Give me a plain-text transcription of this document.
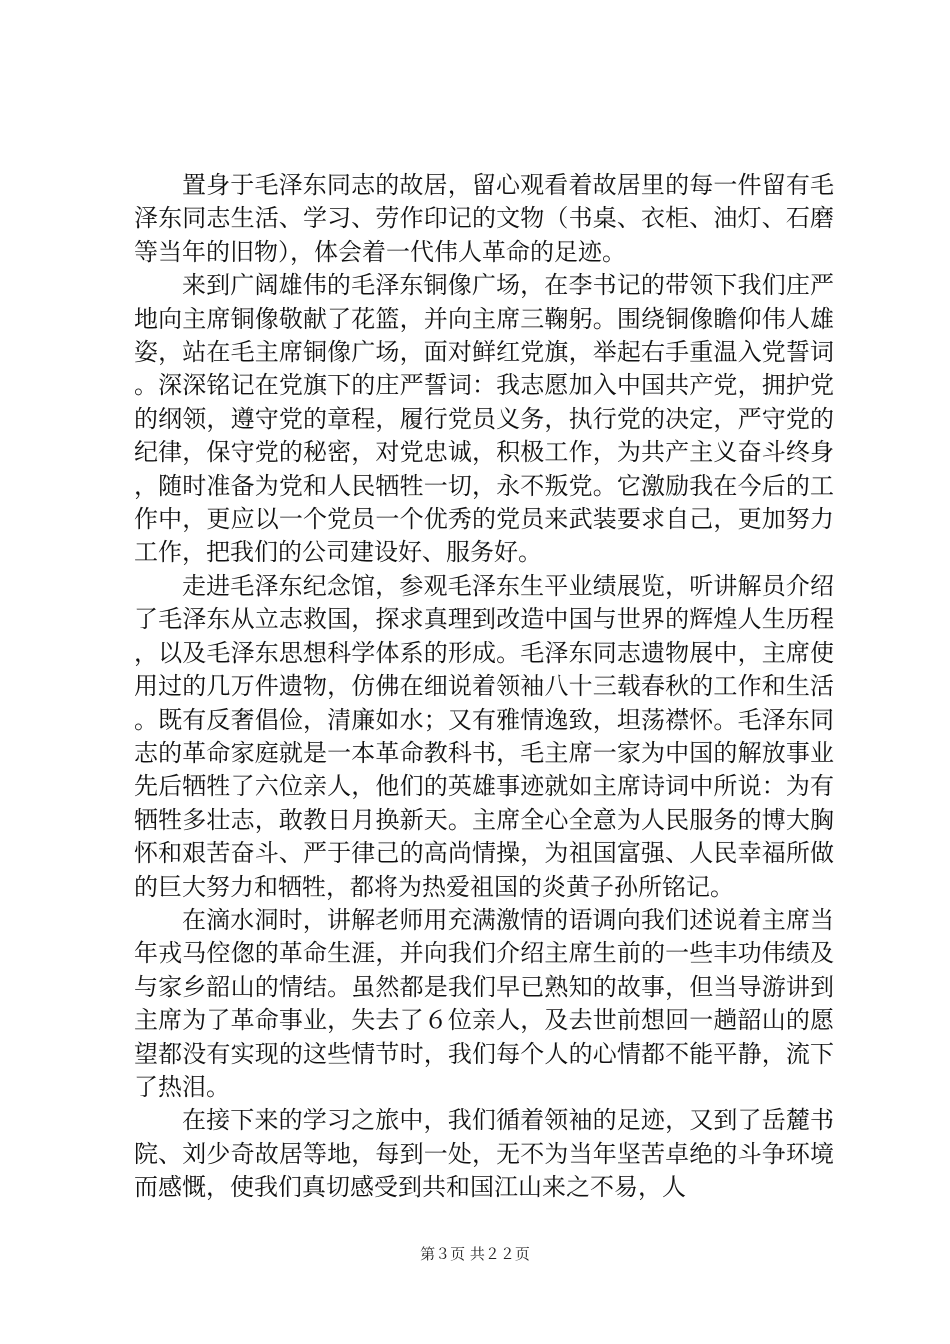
置身于毛泽东同志的故居，留心观看着故居里的每一件留有毛泽东同志生活、学习、劳作印记的文物（书桌、衣柜、油灯、石磨等当年的旧物），体会着一代伟人革命的足迹。

来到广阔雄伟的毛泽东铜像广场，在李书记的带领下我们庄严地向主席铜像敬献了花篮，并向主席三鞠躬。围绕铜像瞻仰伟人雄姿，站在毛主席铜像广场，面对鲜红党旗，举起右手重温入党誓词。深深铭记在党旗下的庄严誓词：我志愿加入中国共产党，拥护党的纲领，遵守党的章程，履行党员义务，执行党的决定，严守党的纪律，保守党的秘密，对党忠诚，积极工作，为共产主义奋斗终身，随时准备为党和人民牺牲一切，永不叛党。它激励我在今后的工作中，更应以一个党员一个优秀的党员来武装要求自己，更加努力工作，把我们的公司建设好、服务好。

走进毛泽东纪念馆，参观毛泽东生平业绩展览，听讲解员介绍了毛泽东从立志救国，探求真理到改造中国与世界的辉煌人生历程，以及毛泽东思想科学体系的形成。毛泽东同志遗物展中，主席使用过的几万件遗物，仿佛在细说着领袖八十三载春秋的工作和生活。既有反奢倡俭，清廉如水；又有雅情逸致，坦荡襟怀。毛泽东同志的革命家庭就是一本革命教科书，毛主席一家为中国的解放事业先后牺牲了六位亲人，他们的英雄事迹就如主席诗词中所说：为有牺牲多壮志，敢教日月换新天。主席全心全意为人民服务的博大胸怀和艰苦奋斗、严于律己的高尚情操，为祖国富强、人民幸福所做的巨大努力和牺牲，都将为热爱祖国的炎黄子孙所铭记。

在滴水洞时，讲解老师用充满激情的语调向我们述说着主席当年戎马倥偬的革命生涯，并向我们介绍主席生前的一些丰功伟绩及与家乡韶山的情结。虽然都是我们早已熟知的故事，但当导游讲到主席为了革命事业，失去了６位亲人，及去世前想回一趟韶山的愿望都没有实现的这些情节时，我们每个人的心情都不能平静，流下了热泪。

在接下来的学习之旅中，我们循着领袖的足迹，又到了岳麓书院、刘少奇故居等地，每到一处，无不为当年坚苦卓绝的斗争环境而感慨，使我们真切感受到共和国江山来之不易，人

第３页 共２２页
